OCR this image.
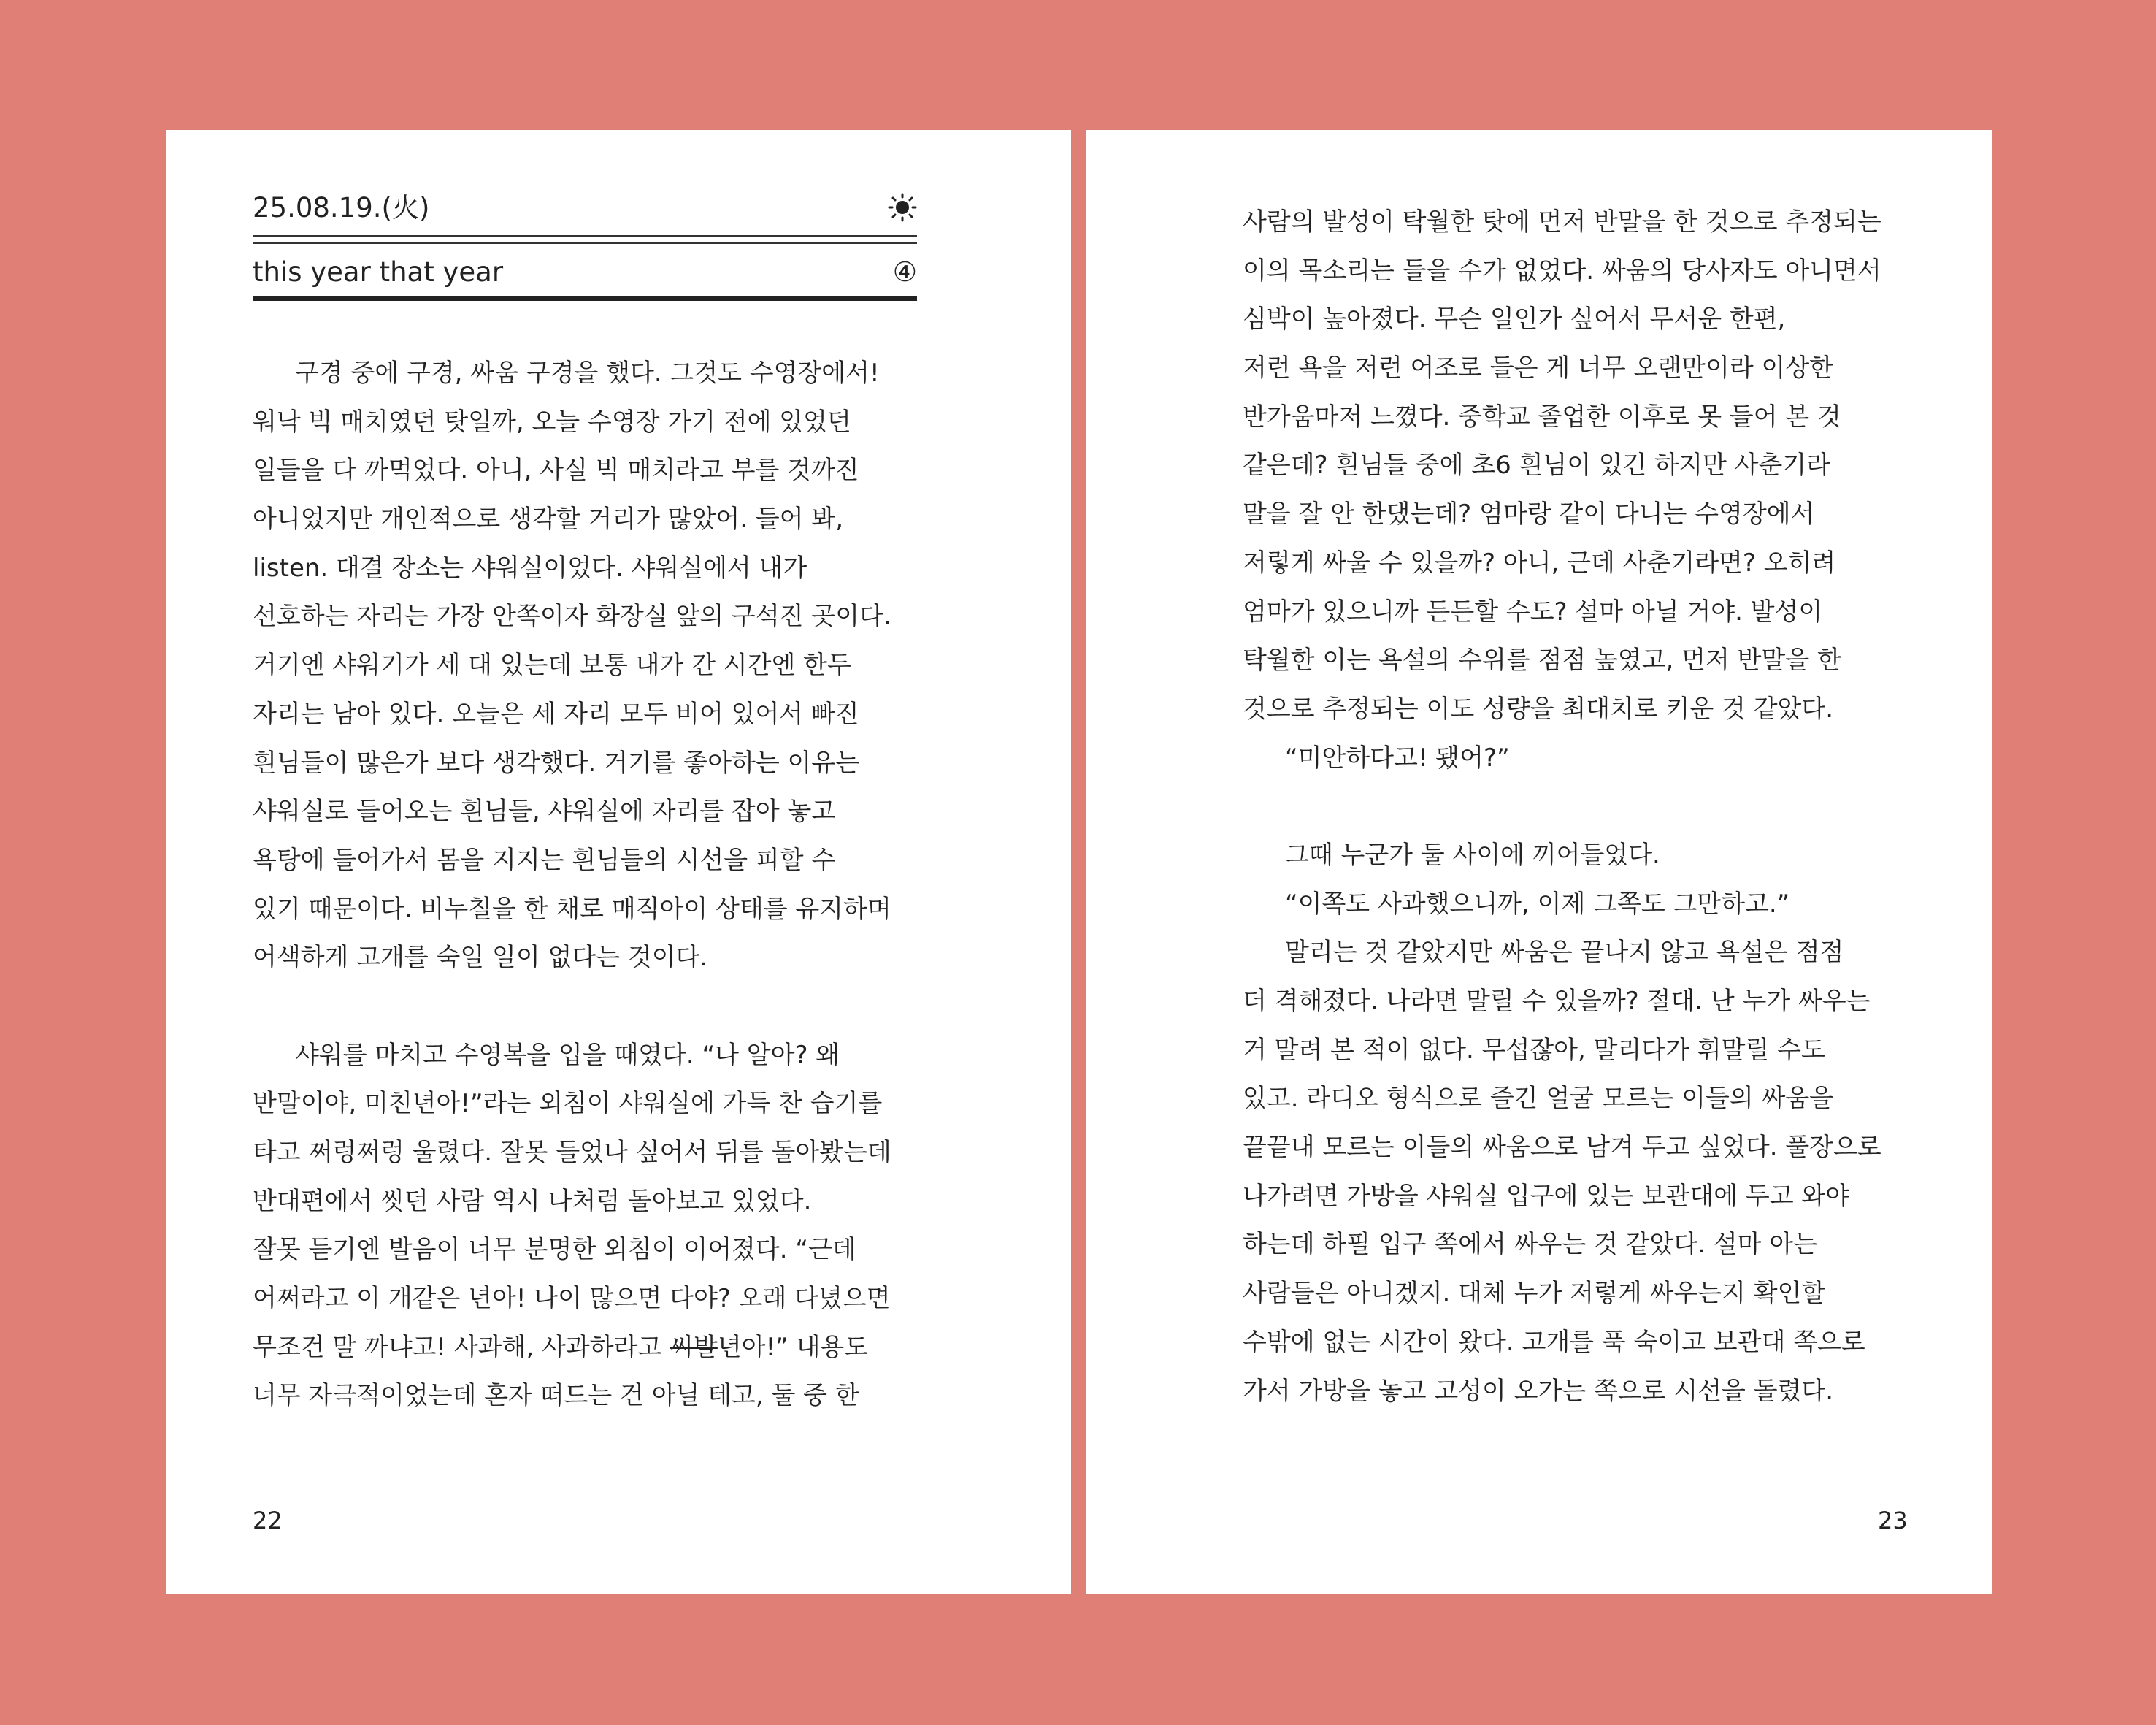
25.08.19.(火)
this year that year	④
구경 중에 구경, 싸움 구경을 했다. 그것도 수영장에서!
워낙 빅 매치였던 탓일까, 오늘 수영장 가기 전에 있었던
일들을 다 까먹었다. 아니, 사실 빅 매치라고 부를 것까진
아니었지만 개인적으로 생각할 거리가 많았어. 들어 봐,
listen. 대결 장소는 샤워실이었다. 샤워실에서 내가
선호하는 자리는 가장 안쪽이자 화장실 앞의 구석진 곳이다.
거기엔 샤워기가 세 대 있는데 보통 내가 간 시간엔 한두
자리는 남아 있다. 오늘은 세 자리 모두 비어 있어서 빠진
흰님들이 많은가 보다 생각했다. 거기를 좋아하는 이유는
샤워실로 들어오는 흰님들, 샤워실에 자리를 잡아 놓고
욕탕에 들어가서 몸을 지지는 흰님들의 시선을 피할 수
있기 때문이다. 비누칠을 한 채로 매직아이 상태를 유지하며
어색하게 고개를 숙일 일이 없다는 것이다.
샤워를 마치고 수영복을 입을 때였다. “나 알아? 왜
반말이야, 미친년아!”라는 외침이 샤워실에 가득 찬 습기를
타고 쩌렁쩌렁 울렸다. 잘못 들었나 싶어서 뒤를 돌아봤는데
반대편에서 씻던 사람 역시 나처럼 돌아보고 있었다.
잘못 듣기엔 발음이 너무 분명한 외침이 이어졌다. “근데
어쩌라고 이 개같은 년아! 나이 많으면 다야? 오래 다녔으면
무조건 말 까냐고! 사과해, 사과하라고 씨발년아!” 내용도
너무 자극적이었는데 혼자 떠드는 건 아닐 테고, 둘 중 한
사람의 발성이 탁월한 탓에 먼저 반말을 한 것으로 추정되는
이의 목소리는 들을 수가 없었다. 싸움의 당사자도 아니면서
심박이 높아졌다. 무슨 일인가 싶어서 무서운 한편,
저런 욕을 저런 어조로 들은 게 너무 오랜만이라 이상한
반가움마저 느꼈다. 중학교 졸업한 이후로 못 들어 본 것
같은데? 흰님들 중에 초6 흰님이 있긴 하지만 사춘기라
말을 잘 안 한댔는데? 엄마랑 같이 다니는 수영장에서
저렇게 싸울 수 있을까? 아니, 근데 사춘기라면? 오히려
엄마가 있으니까 든든할 수도? 설마 아닐 거야. 발성이
탁월한 이는 욕설의 수위를 점점 높였고, 먼저 반말을 한
것으로 추정되는 이도 성량을 최대치로 키운 것 같았다.
“미안하다고! 됐어?”
그때 누군가 둘 사이에 끼어들었다.
“이쪽도 사과했으니까, 이제 그쪽도 그만하고.”
말리는 것 같았지만 싸움은 끝나지 않고 욕설은 점점
더 격해졌다. 나라면 말릴 수 있을까? 절대. 난 누가 싸우는
거 말려 본 적이 없다. 무섭잖아, 말리다가 휘말릴 수도
있고. 라디오 형식으로 즐긴 얼굴 모르는 이들의 싸움을
끝끝내 모르는 이들의 싸움으로 남겨 두고 싶었다. 풀장으로
나가려면 가방을 샤워실 입구에 있는 보관대에 두고 와야
하는데 하필 입구 쪽에서 싸우는 것 같았다. 설마 아는
사람들은 아니겠지. 대체 누가 저렇게 싸우는지 확인할
수밖에 없는 시간이 왔다. 고개를 푹 숙이고 보관대 쪽으로
가서 가방을 놓고 고성이 오가는 쪽으로 시선을 돌렸다.
22	23
